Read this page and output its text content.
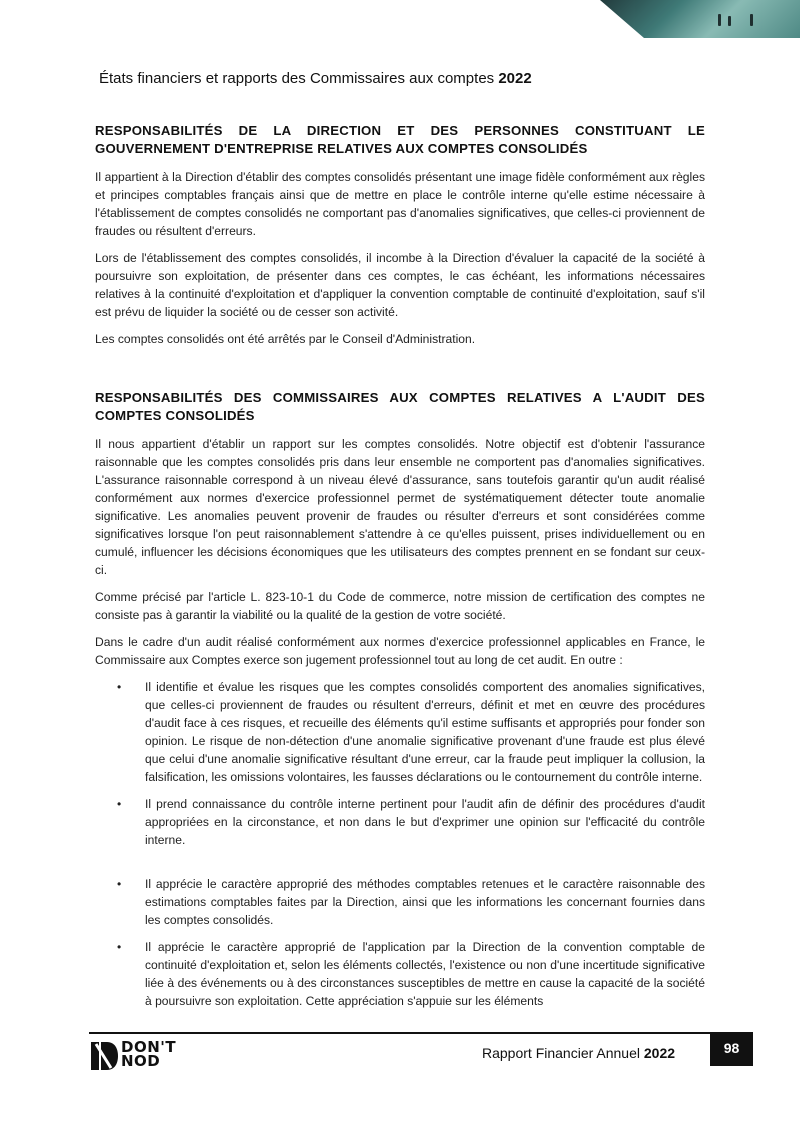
États financiers et rapports des Commissaires aux comptes 2022
RESPONSABILITÉS DE LA DIRECTION ET DES PERSONNES CONSTITUANT LE
GOUVERNEMENT D'ENTREPRISE RELATIVES AUX COMPTES CONSOLIDÉS

Il appartient à la Direction d'établir des comptes consolidés présentant une image fidèle conformément aux règles et principes comptables français ainsi que de mettre en place le contrôle interne qu'elle estime nécessaire à l'établissement de comptes consolidés ne comportant pas d'anomalies significatives, que celles-ci proviennent de fraudes ou résultent d'erreurs.

Lors de l'établissement des comptes consolidés, il incombe à la Direction d'évaluer la capacité de la société à poursuivre son exploitation, de présenter dans ces comptes, le cas échéant, les informations nécessaires relatives à la continuité d'exploitation et d'appliquer la convention comptable de continuité d'exploitation, sauf s'il est prévu de liquider la société ou de cesser son activité.

Les comptes consolidés ont été arrêtés par le Conseil d'Administration.

RESPONSABILITÉS DES COMMISSAIRES AUX COMPTES RELATIVES A L'AUDIT DES COMPTES CONSOLIDÉS

Il nous appartient d'établir un rapport sur les comptes consolidés. Notre objectif est d'obtenir l'assurance raisonnable que les comptes consolidés pris dans leur ensemble ne comportent pas d'anomalies significatives. L'assurance raisonnable correspond à un niveau élevé d'assurance, sans toutefois garantir qu'un audit réalisé conformément aux normes d'exercice professionnel permet de systématiquement détecter toute anomalie significative. Les anomalies peuvent provenir de fraudes ou résulter d'erreurs et sont considérées comme significatives lorsque l'on peut raisonnablement s'attendre à ce qu'elles puissent, prises individuellement ou en cumulé, influencer les décisions économiques que les utilisateurs des comptes prennent en se fondant sur ceux-ci.

Comme précisé par l'article L. 823-10-1 du Code de commerce, notre mission de certification des comptes ne consiste pas à garantir la viabilité ou la qualité de la gestion de votre société.

Dans le cadre d'un audit réalisé conformément aux normes d'exercice professionnel applicables en France, le Commissaire aux Comptes exerce son jugement professionnel tout au long de cet audit. En outre :

• Il identifie et évalue les risques que les comptes consolidés comportent des anomalies significatives, que celles-ci proviennent de fraudes ou résultent d'erreurs, définit et met en œuvre des procédures d'audit face à ces risques, et recueille des éléments qu'il estime suffisants et appropriés pour fonder son opinion. Le risque de non-détection d'une anomalie significative provenant d'une fraude est plus élevé que celui d'une anomalie significative résultant d'une erreur, car la fraude peut impliquer la collusion, la falsification, les omissions volontaires, les fausses déclarations ou le contournement du contrôle interne.
• Il prend connaissance du contrôle interne pertinent pour l'audit afin de définir des procédures d'audit appropriées en la circonstance, et non dans le but d'exprimer une opinion sur l'efficacité du contrôle interne.
• Il apprécie le caractère approprié des méthodes comptables retenues et le caractère raisonnable des estimations comptables faites par la Direction, ainsi que les informations les concernant fournies dans les comptes consolidés.
• Il apprécie le caractère approprié de l'application par la Direction de la convention comptable de continuité d'exploitation et, selon les éléments collectés, l'existence ou non d'une incertitude significative liée à des événements ou à des circonstances susceptibles de mettre en cause la capacité de la société à poursuivre son exploitation. Cette appréciation s'appuie sur les éléments
DON'T
NOD	Rapport Financier Annuel 2022	98
